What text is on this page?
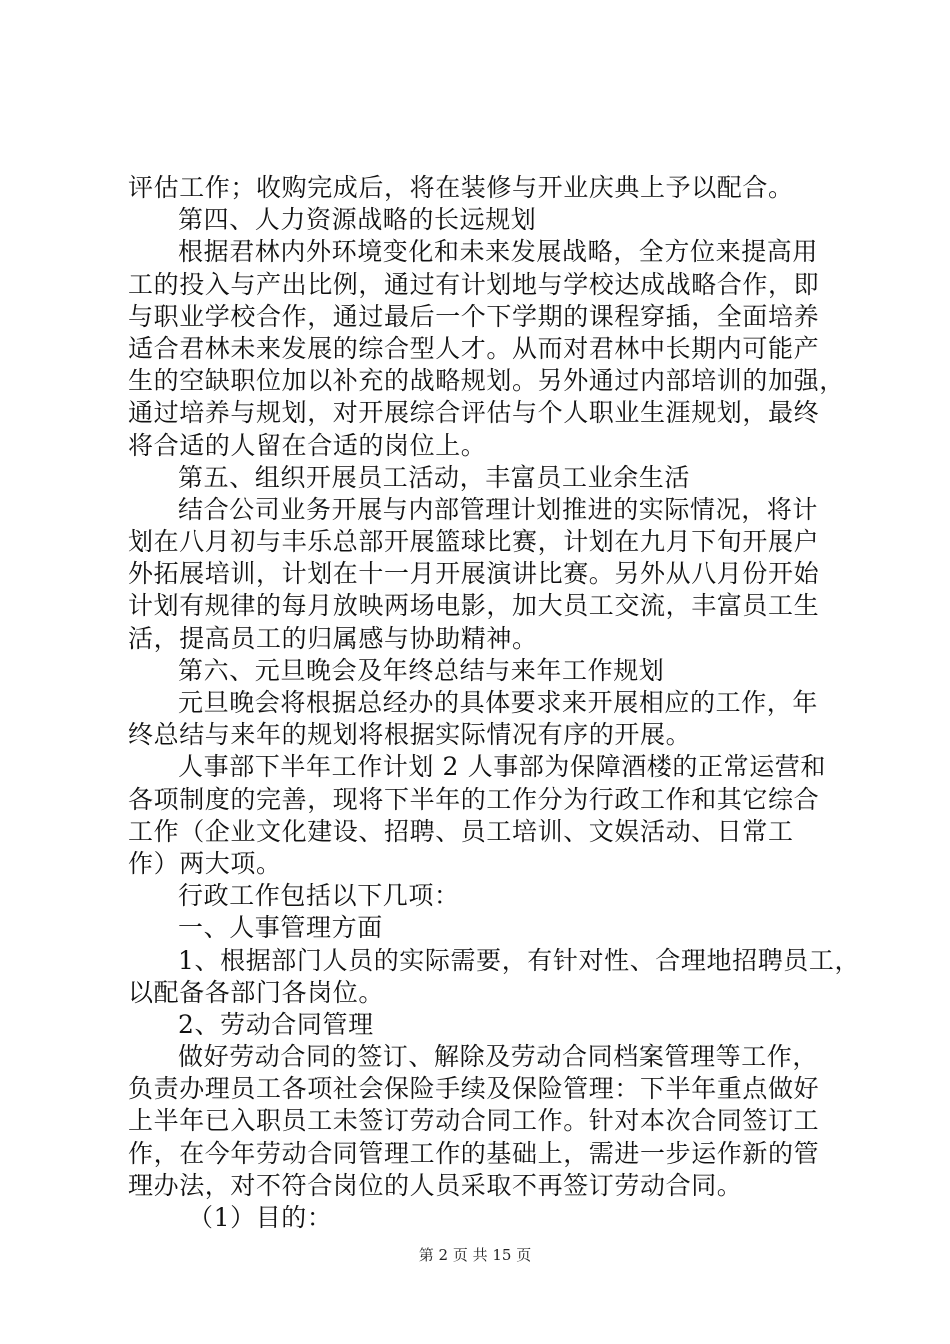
评估工作；收购完成后，将在装修与开业庆典上予以配合。
第四、人力资源战略的长远规划
根据君林内外环境变化和未来发展战略，全方位来提高用
工的投入与产出比例，通过有计划地与学校达成战略合作，即
与职业学校合作，通过最后一个下学期的课程穿插，全面培养
适合君林未来发展的综合型人才。从而对君林中长期内可能产
生的空缺职位加以补充的战略规划。另外通过内部培训的加强，
通过培养与规划，对开展综合评估与个人职业生涯规划，最终
将合适的人留在合适的岗位上。
第五、组织开展员工活动，丰富员工业余生活
结合公司业务开展与内部管理计划推进的实际情况，将计
划在八月初与丰乐总部开展篮球比赛，计划在九月下旬开展户
外拓展培训，计划在十一月开展演讲比赛。另外从八月份开始
计划有规律的每月放映两场电影，加大员工交流，丰富员工生
活，提高员工的归属感与协助精神。
第六、元旦晚会及年终总结与来年工作规划
元旦晚会将根据总经办的具体要求来开展相应的工作，年
终总结与来年的规划将根据实际情况有序的开展。
人事部下半年工作计划 2 人事部为保障酒楼的正常运营和
各项制度的完善，现将下半年的工作分为行政工作和其它综合
工作（企业文化建设、招聘、员工培训、文娱活动、日常工
作）两大项。
行政工作包括以下几项：
一、人事管理方面
1、根据部门人员的实际需要，有针对性、合理地招聘员工，
以配备各部门各岗位。
2、劳动合同管理
做好劳动合同的签订、解除及劳动合同档案管理等工作，
负责办理员工各项社会保险手续及保险管理：下半年重点做好
上半年已入职员工未签订劳动合同工作。针对本次合同签订工
作，在今年劳动合同管理工作的基础上，需进一步运作新的管
理办法，对不符合岗位的人员采取不再签订劳动合同。
（1）目的：
第 2 页 共 15 页
